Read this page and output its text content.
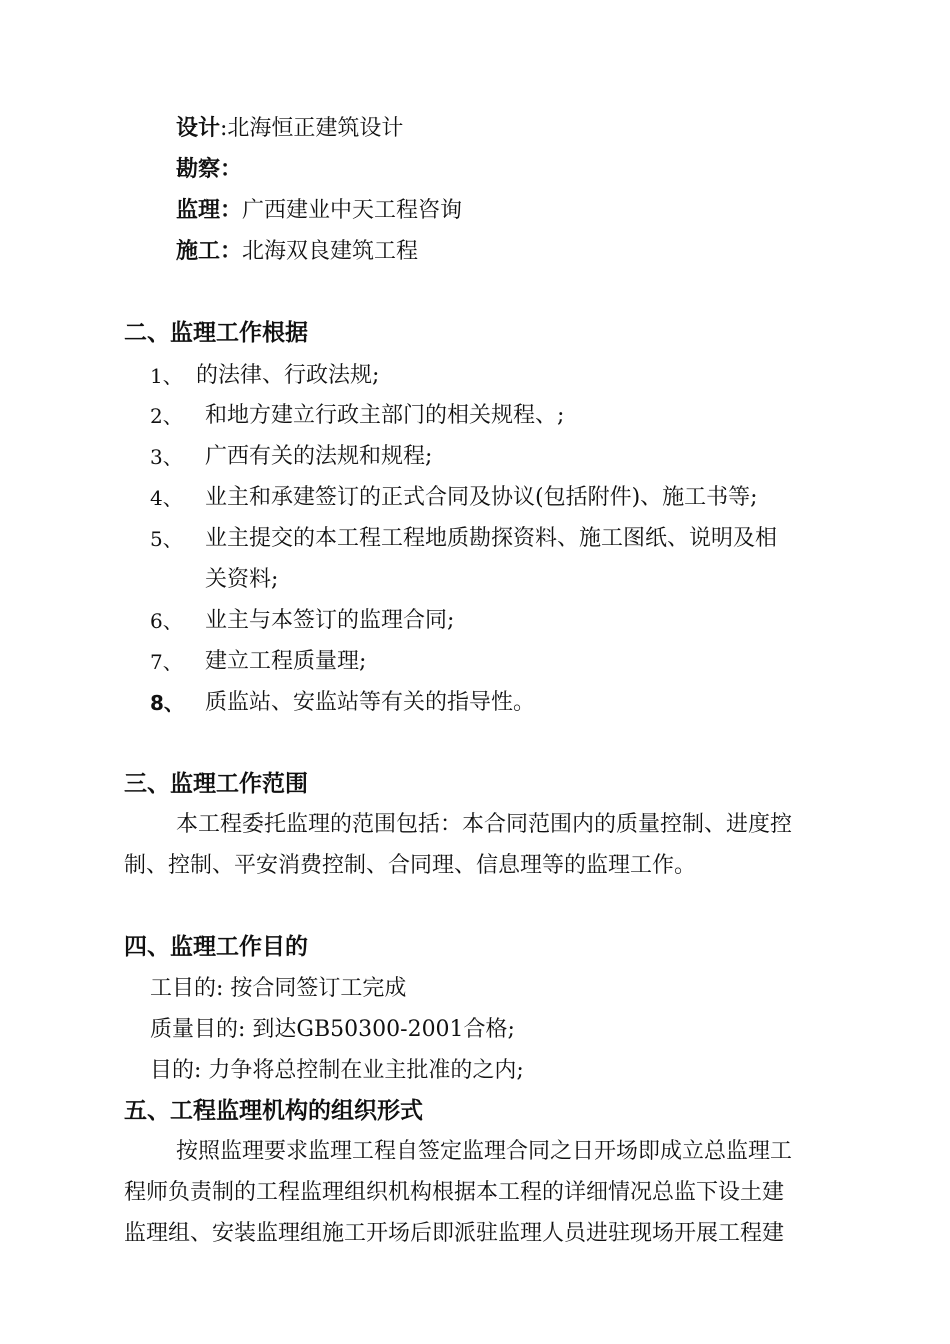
设计:北海恒正建筑设计
勘察：
监理：广西建业中天工程咨询
施工：北海双良建筑工程
二、监理工作根据
1、 的法律、行政法规;
2、 和地方建立行政主部门的相关规程、;
3、 广西有关的法规和规程;
4、 业主和承建签订的正式合同及协议(包括附件)、施工书等;
5、 业主提交的本工程工程地质勘探资料、施工图纸、说明及相
关资料;
6、 业主与本签订的监理合同;
7、 建立工程质量理;
8、 质监站、安监站等有关的指导性。
三、监理工作范围
本工程委托监理的范围包括：本合同范围内的质量控制、进度控
制、控制、平安消费控制、合同理、信息理等的监理工作。
四、监理工作目的
工目的: 按合同签订工完成
质量目的: 到达GB50300-2001合格;
目的: 力争将总控制在业主批准的之内;
五、工程监理机构的组织形式
按照监理要求监理工程自签定监理合同之日开场即成立总监理工
程师负责制的工程监理组织机构根据本工程的详细情况总监下设土建
监理组、安装监理组施工开场后即派驻监理人员进驻现场开展工程建
